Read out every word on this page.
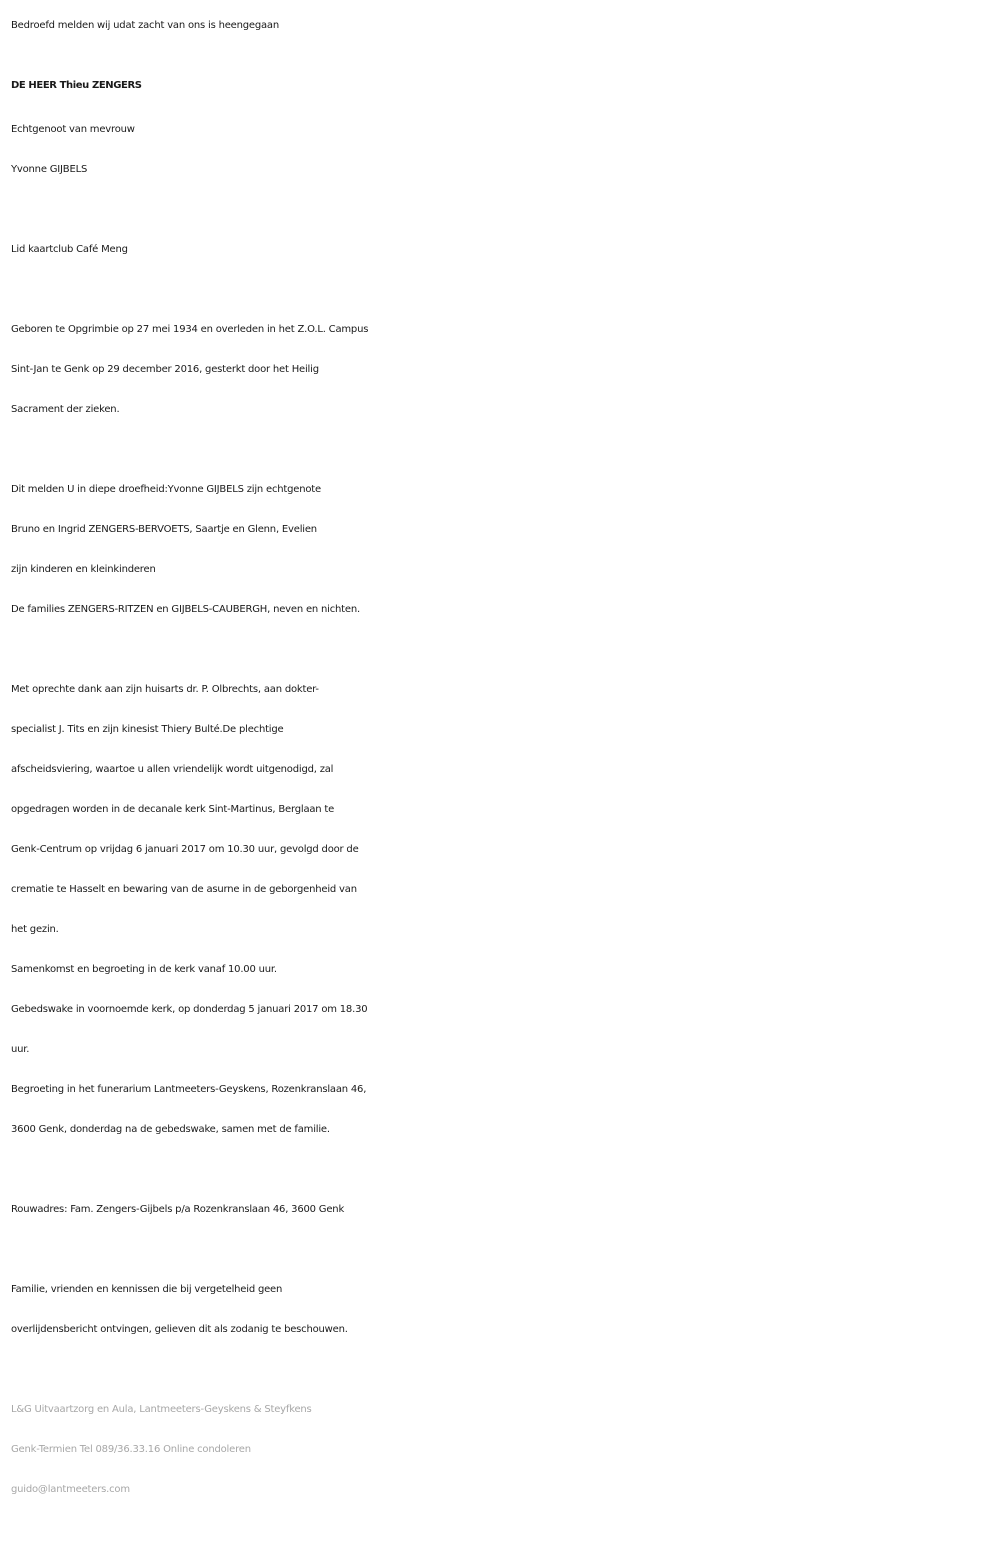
Bedroefd melden wij udat zacht van ons is heengegaan
DE HEER Thieu ZENGERS
Echtgenoot van mevrouw
Yvonne GIJBELS
Lid kaartclub Café Meng
Geboren te Opgrimbie op 27 mei 1934 en overleden in het Z.O.L. Campus
Sint-Jan te Genk op 29 december 2016, gesterkt door het Heilig
Sacrament der zieken.
Dit melden U in diepe droefheid:Yvonne GIJBELS zijn echtgenote
Bruno en Ingrid ZENGERS-BERVOETS, Saartje en Glenn, Evelien
zijn kinderen en kleinkinderen
De families ZENGERS-RITZEN en GIJBELS-CAUBERGH, neven en nichten.
Met oprechte dank aan zijn huisarts dr. P. Olbrechts, aan dokter-
specialist J. Tits en zijn kinesist Thiery Bulté.De plechtige
afscheidsviering, waartoe u allen vriendelijk wordt uitgenodigd, zal
opgedragen worden in de decanale kerk Sint-Martinus, Berglaan te
Genk-Centrum op vrijdag 6 januari 2017 om 10.30 uur, gevolgd door de
crematie te Hasselt en bewaring van de asurne in de geborgenheid van
het gezin.
Samenkomst en begroeting in de kerk vanaf 10.00 uur.
Gebedswake in voornoemde kerk, op donderdag 5 januari 2017 om 18.30
uur.
Begroeting in het funerarium Lantmeeters-Geyskens, Rozenkranslaan 46,
3600 Genk, donderdag na de gebedswake, samen met de familie.
Rouwadres: Fam. Zengers-Gijbels p/a Rozenkranslaan 46, 3600 Genk
Familie, vrienden en kennissen die bij vergetelheid geen
overlijdensbericht ontvingen, gelieven dit als zodanig te beschouwen.
L&G Uitvaartzorg en Aula, Lantmeeters-Geyskens & Steyfkens
Genk-Termien Tel 089/36.33.16 Online condoleren
guido@lantmeeters.com
